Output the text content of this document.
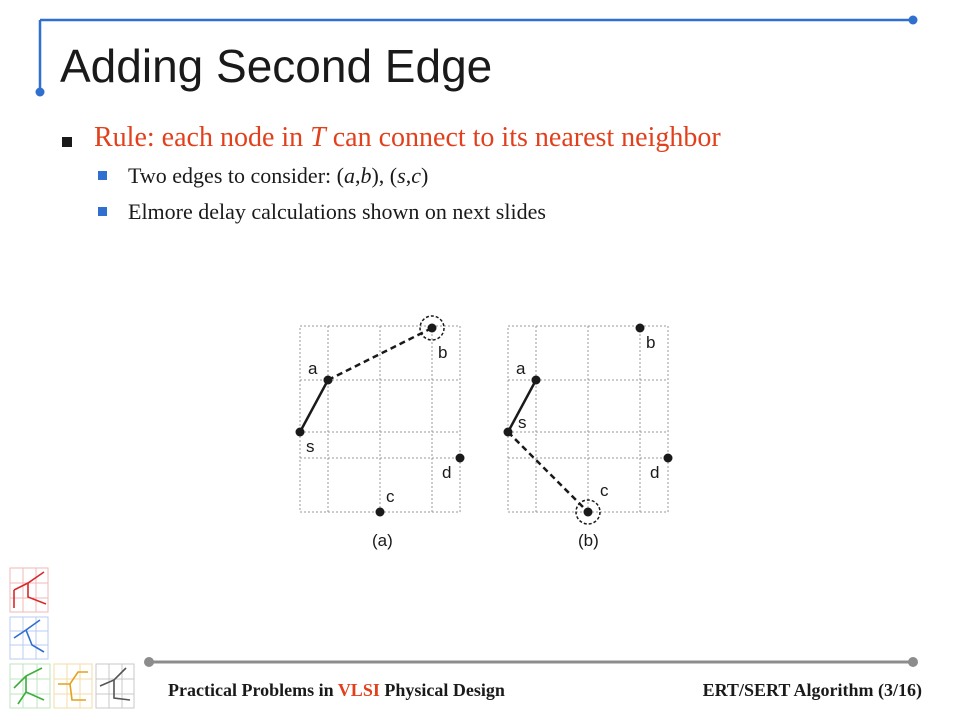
Adding Second Edge
Rule: each node in T can connect to its nearest neighbor
Two edges to consider: (a,b), (s,c)
Elmore delay calculations shown on next slides
a
b
s
d
c
(a)
a
b
s
d
c
(b)
Practical Problems in VLSI Physical Design	ERT/SERT Algorithm (3/16)
